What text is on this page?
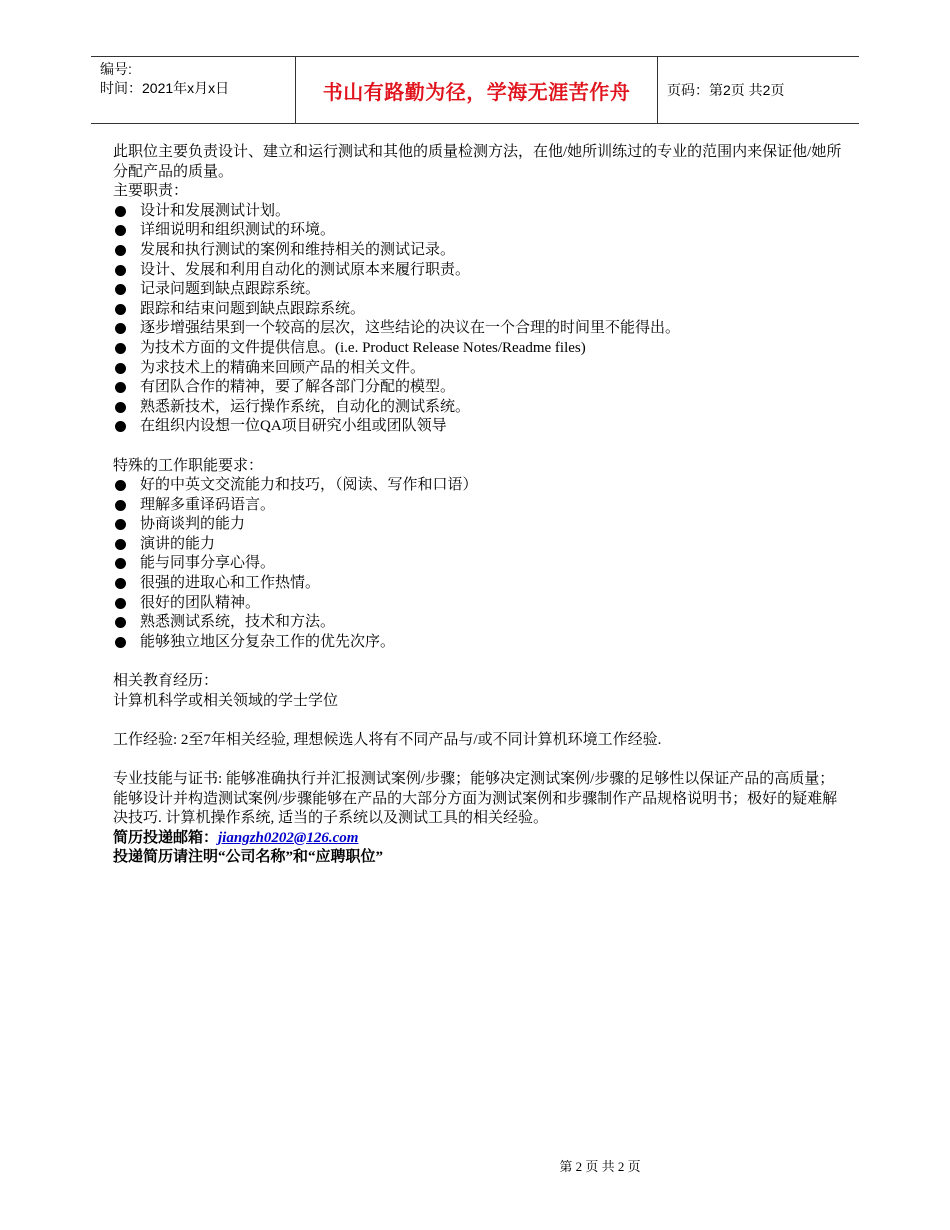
编号:
时间：2021年x月x日	书山有路勤为径，学海无涯苦作舟	页码：第2页 共2页

此职位主要负责设计、建立和运行测试和其他的质量检测方法，在他/她所训练过的专业的范围内来保证他/她所分配产品的质量。

主要职责：

设计和发展测试计划。
详细说明和组织测试的环境。
发展和执行测试的案例和维持相关的测试记录。
设计、发展和利用自动化的测试原本来履行职责。
记录问题到缺点跟踪系统。
跟踪和结束问题到缺点跟踪系统。
逐步增强结果到一个较高的层次，这些结论的决议在一个合理的时间里不能得出。
为技术方面的文件提供信息。(i.e. Product Release Notes/Readme files)
为求技术上的精确来回顾产品的相关文件。
有团队合作的精神，要了解各部门分配的模型。
熟悉新技术，运行操作系统，自动化的测试系统。
在组织内设想一位QA项目研究小组或团队领导

特殊的工作职能要求：

好的中英文交流能力和技巧，（阅读、写作和口语）
理解多重译码语言。
协商谈判的能力
演讲的能力
能与同事分享心得。
很强的进取心和工作热情。
很好的团队精神。
熟悉测试系统，技术和方法。
能够独立地区分复杂工作的优先次序。

相关教育经历：

计算机科学或相关领域的学士学位

工作经验: 2至7年相关经验, 理想候选人将有不同产品与/或不同计算机环境工作经验.

专业技能与证书: 能够准确执行并汇报测试案例/步骤；能够决定测试案例/步骤的足够性以保证产品的高质量；能够设计并构造测试案例/步骤能够在产品的大部分方面为测试案例和步骤制作产品规格说明书；极好的疑难解决技巧. 计算机操作系统, 适当的子系统以及测试工具的相关经验。

简历投递邮箱：jiangzh0202@126.com

投递简历请注明“公司名称”和“应聘职位”

第 2 页 共 2 页
